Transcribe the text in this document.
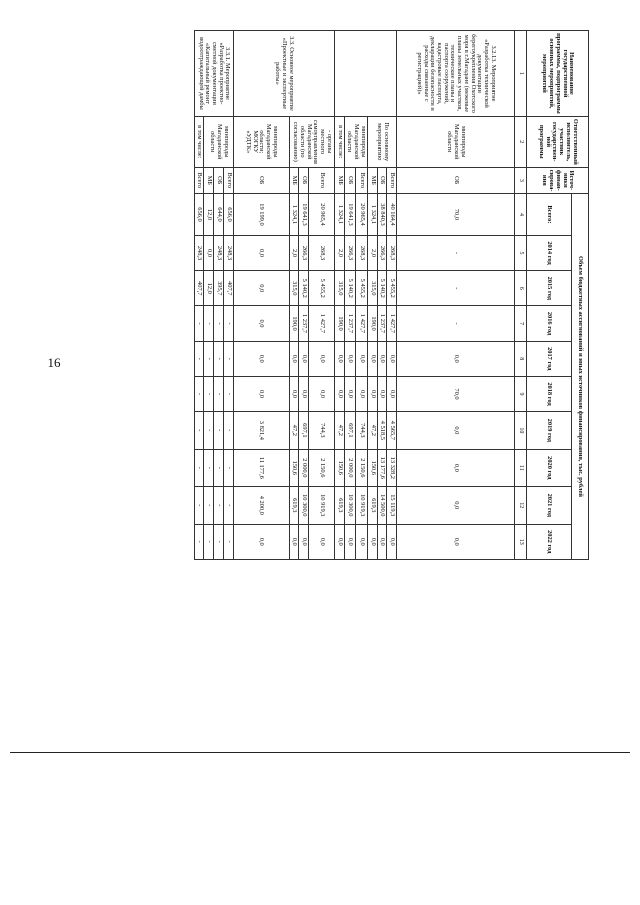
16
Наименование государственной программы, подпрограммы основных мероприятий, мероприятий	Ответственный исполнитель, участник государствен-ной программы	Источ-ники финан-сирова-ния	Объем бюджетных ассигнований и иных источников финансирования, тыс. рублей									
			Всего:	2014 год	2015 год	2016 год	2017 год	2018 год	2019 год	2020 год	2021 год	2022 год
1	2	3	4	5	6	7	8	9	10	11	12	13
3.2.13. Мероприятие «Разработка технической документации берегоукрепления Охотского моря в г.Магадане (межевые планы земельных участков, технические планы и паспорта сооружений, кадастровые паспорта, декларации безопасности и расходы связанные с регистрацией)»	минпироды Магаданской области	ОБ	70,0	-	-	-	0,0	70,0	0,0	0,0	0,0	0,0
	По основному мероприятию	Всего	40 164,4	268,3	5 455,2	1 427,7	0,0	0,0	4 565,7	13 328,2	15 119,3	0,0
		ОБ	38 840,3	266,3	5 140,2	1 237,7	0,0	0,0	4 518,5	13 177,6	14 500,0	0,0
		МБ	1 324,1	2,0	315,0	190,0	0,0	0,0	47,2	150,6	619,3	0,0
	минпироды Магаданской области	Всего	20 965,4	268,3	5 455,2	1 427,7	0,0	0,0	744,3	2 150,6	10 919,3	0,0
		ОБ	19 641,3	266,3	5 140,2	1 237,7	0,0	0,0	697,1	2 000,0	10 300,0	0,0
	в том числе:	МБ	1 324,1	2,0	315,0	190,0	0,0	0,0	47,2	150,6	619,3	0,0
3.3. Основное мероприятие «Проектные и экспертные работы»	- органы местного самоуправления Магаданской области (по согласованию)	Всего	20 965,4	268,3	5 455,2	1 427,7	0,0	0,0	744,3	2 150,6	10 919,3	0,0
		ОБ	19 641,3	266,3	5 140,2	1 237,7	0,0	0,0	697,1	2 000,0	10 300,0	0,0
		МБ	1 324,1	2,0	315,0	190,0	0,0	0,0	47,2	150,6	619,3	0,0
	минпироды Магаданской области; МОГКУ «УДТК»	ОБ	19 199,0	0,0	0,0	0,0	0,0	0,0	3 821,4	11 177,6	4 200,0	0,0
3.3.1. Мероприятие «Разработка проектно-сметной документации «Капитальный ремонт водоотграждающей дамбы	минпироды Магаданской области	Всего	656,0	248,3	407,7	-	-	-	-	-	-	-
		ОБ	644,0	248,3	395,7	-	-	-	-	-	-	-
		МБ	12,0	0,0	12,0	-	-	-	-	-	-	-
	в том числе:	Всего	656,0	248,3	407,7	-	-	-	-	-	-	-
